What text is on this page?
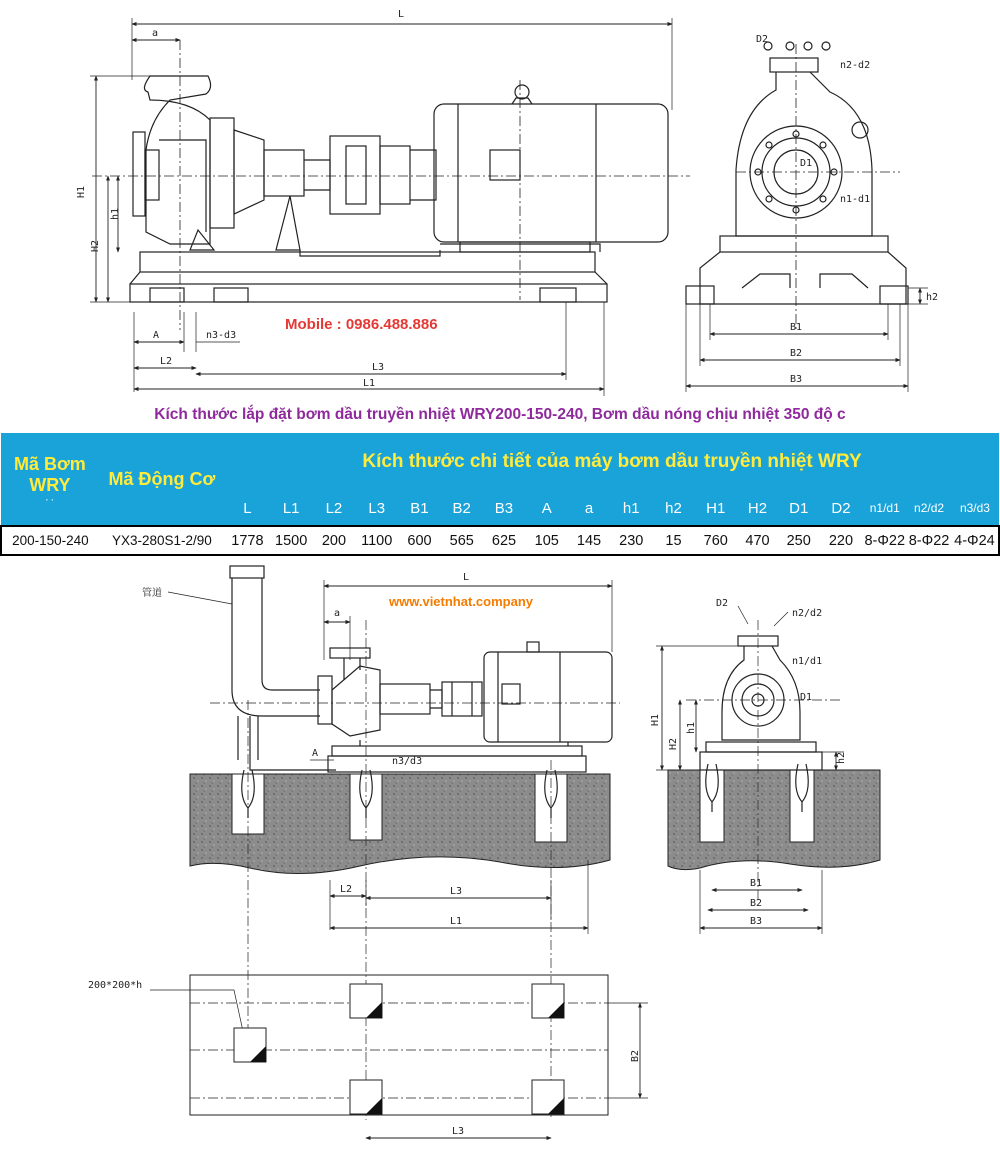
L
a
H1
H2
h1
A	n3-d3
L2
L3
L1
D2
n2-d2
D1
n1-d1
h2
B1
B2
B3
Mobile : 0986.488.886
Kích thước lắp đặt bơm dầu truyền nhiệt WRY200-150-240, Bơm dầu nóng chịu nhiệt 350 độ c
Mã Bơm WRY
· ·	Mã Động Cơ	Kích thước chi tiết của máy bơm dầu truyền nhiệt WRY																	
		L	L1	L2	L3	B1	B2	B3	A	a	h1	h2	H1	H2	D1	D2	n1/d1	n2/d2	n3/d3
200-150-240	YX3-280S1-2/90	1778	1500	200	1100	600	565	625	105	145	230	15	760	470	250	220	8-Φ22	8-Φ22	4-Φ24
管道
L
a
A
n3/d3
L2	L3
L1
D2
n2/d2
n1/d1
D1
H1
H2
h1
h2
B1
B2
B3
200*200*h
B2
L3
www.vietnhat.company
